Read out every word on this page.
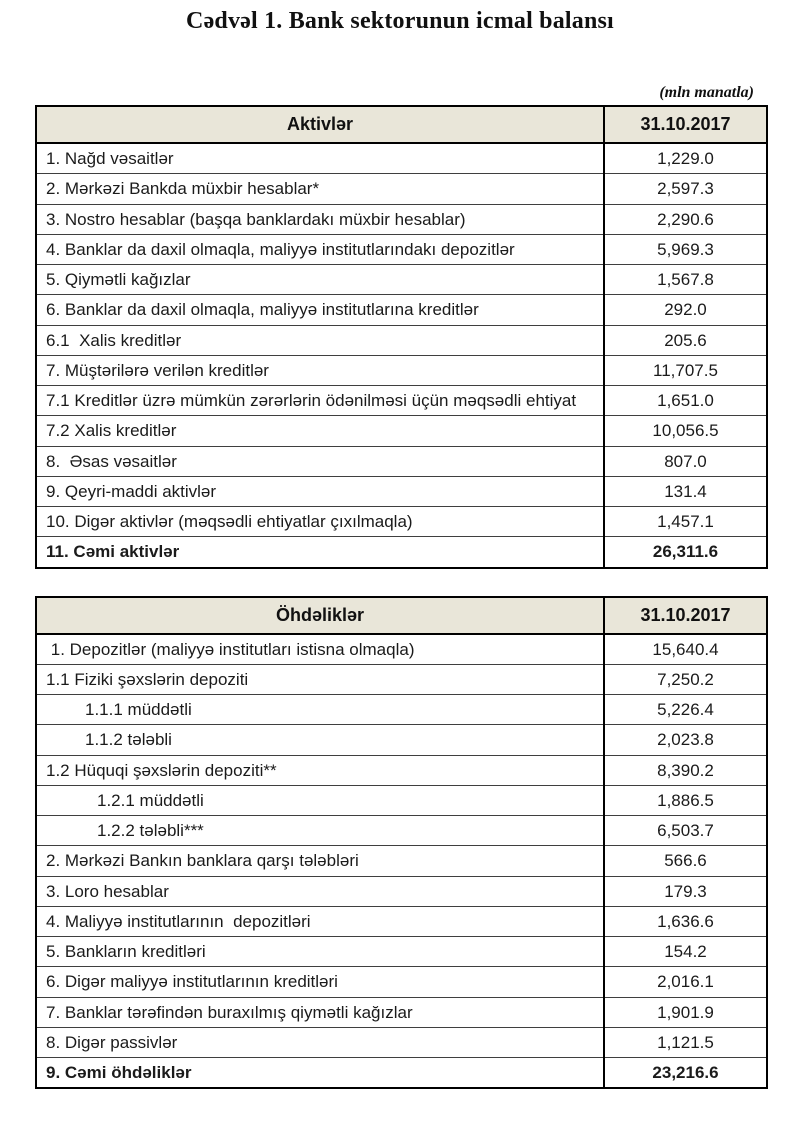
Cədvəl 1. Bank sektorunun icmal balansı
(mln manatla)
Aktivlər	31.10.2017
1. Nağd vəsaitlər	1,229.0
2. Mərkəzi Bankda müxbir hesablar*	2,597.3
3. Nostro hesablar (başqa banklardakı müxbir hesablar)	2,290.6
4. Banklar da daxil olmaqla, maliyyə institutlarındakı depozitlər	5,969.3
5. Qiymətli kağızlar	1,567.8
6. Banklar da daxil olmaqla, maliyyə institutlarına kreditlər	292.0
6.1  Xalis kreditlər	205.6
7. Müştərilərə verilən kreditlər	11,707.5
7.1 Kreditlər üzrə mümkün zərərlərin ödənilməsi üçün məqsədli ehtiyat	1,651.0
7.2 Xalis kreditlər	10,056.5
8.  Əsas vəsaitlər	807.0
9. Qeyri-maddi aktivlər	131.4
10. Digər aktivlər (məqsədli ehtiyatlar çıxılmaqla)	1,457.1
11. Cəmi aktivlər	26,311.6
Öhdəliklər	31.10.2017
1. Depozitlər (maliyyə institutları istisna olmaqla)	15,640.4
1.1 Fiziki şəxslərin depoziti	7,250.2
1.1.1 müddətli	5,226.4
1.1.2 tələbli	2,023.8
1.2 Hüquqi şəxslərin depoziti**	8,390.2
1.2.1 müddətli	1,886.5
1.2.2 tələbli***	6,503.7
2. Mərkəzi Bankın banklara qarşı tələbləri	566.6
3. Loro hesablar	179.3
4. Maliyyə institutlarının  depozitləri	1,636.6
5. Bankların kreditləri	154.2
6. Digər maliyyə institutlarının kreditləri	2,016.1
7. Banklar tərəfindən buraxılmış qiymətli kağızlar	1,901.9
8. Digər passivlər	1,121.5
9. Cəmi öhdəliklər	23,216.6
